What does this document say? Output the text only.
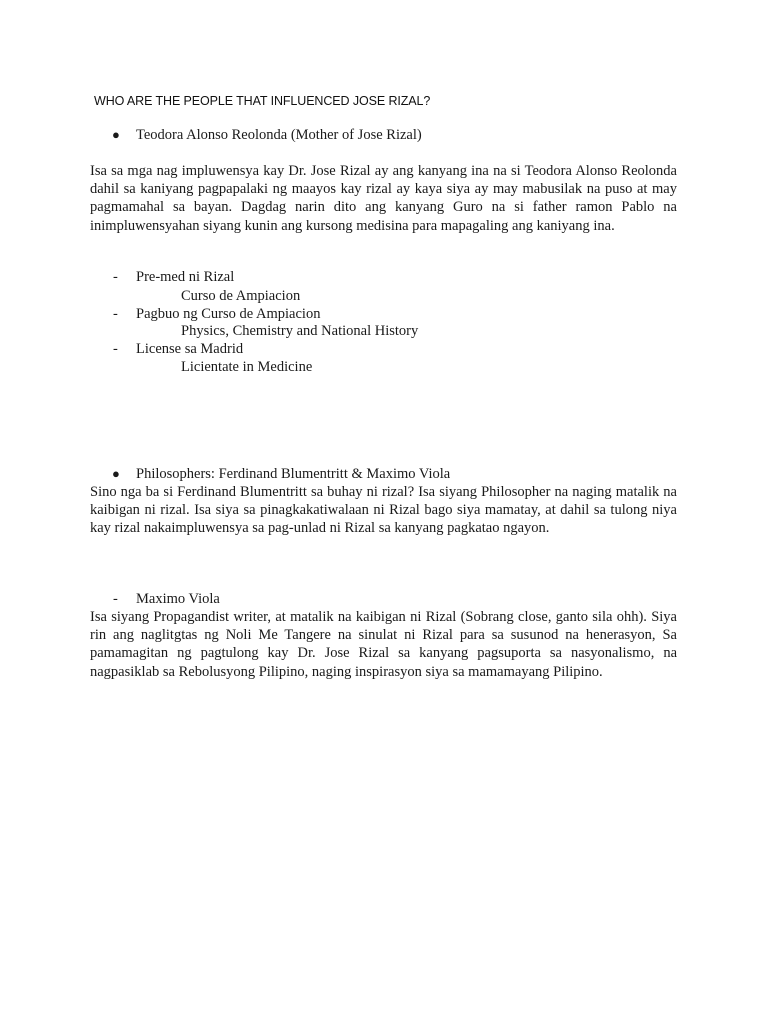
WHO ARE THE PEOPLE THAT INFLUENCED JOSE RIZAL?
● Teodora Alonso Reolonda (Mother of Jose Rizal)
Isa sa mga nag impluwensya kay Dr. Jose Rizal ay ang kanyang ina na si Teodora Alonso Reolonda dahil sa kaniyang pagpapalaki ng maayos kay rizal ay kaya siya ay may mabusilak na puso at may pagmamahal sa bayan. Dagdag narin dito ang kanyang Guro na si father ramon Pablo na inimpluwensyahan siyang kunin ang kursong medisina para mapagaling ang kaniyang ina.
- Pre-med ni Rizal
Curso de Ampiacion
- Pagbuo ng Curso de Ampiacion
Physics, Chemistry and National History
- License sa Madrid
Licientate in Medicine
● Philosophers: Ferdinand Blumentritt & Maximo Viola
Sino nga ba si Ferdinand Blumentritt sa buhay ni rizal? Isa siyang Philosopher na naging matalik na kaibigan ni rizal. Isa siya sa pinagkakatiwalaan ni Rizal bago siya mamatay, at dahil sa tulong niya kay rizal nakaimpluwensya sa pag-unlad ni Rizal sa kanyang pagkatao ngayon.
- Maximo Viola
Isa siyang Propagandist writer, at matalik na kaibigan ni Rizal (Sobrang close, ganto sila ohh). Siya rin ang naglitgtas ng Noli Me Tangere na sinulat ni Rizal para sa susunod na henerasyon, Sa pamamagitan ng pagtulong kay Dr. Jose Rizal sa kanyang pagsuporta sa nasyonalismo, na nagpasiklab sa Rebolusyong Pilipino, naging inspirasyon siya sa mamamayang Pilipino.
